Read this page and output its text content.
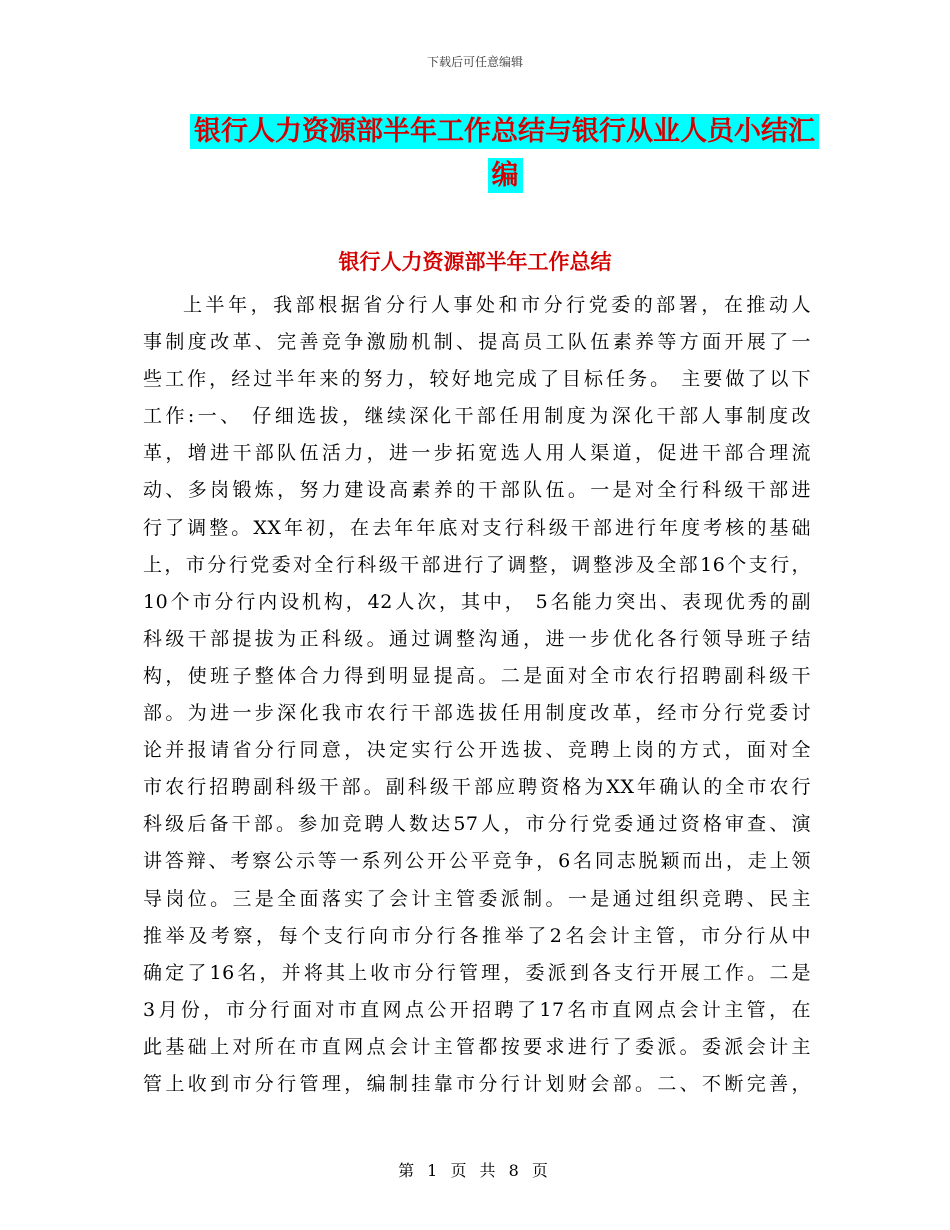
下载后可任意编辑
银行人力资源部半年工作总结与银行从业人员小结汇
编
银行人力资源部半年工作总结
上半年，我部根据省分行人事处和市分行党委的部署，在推动人
事制度改革、完善竞争激励机制、提高员工队伍素养等方面开展了一
些工作，经过半年来的努力，较好地完成了目标任务。 主要做了以下
工作:一、 仔细选拔，继续深化干部任用制度为深化干部人事制度改
革，增进干部队伍活力，进一步拓宽选人用人渠道，促进干部合理流
动、多岗锻炼，努力建设高素养的干部队伍。一是对全行科级干部进
行了调整。XX年初，在去年年底对支行科级干部进行年度考核的基础
上，市分行党委对全行科级干部进行了调整，调整涉及全部16个支行，
10个市分行内设机构，42人次，其中， 5名能力突出、表现优秀的副
科级干部提拔为正科级。通过调整沟通，进一步优化各行领导班子结
构，使班子整体合力得到明显提高。二是面对全市农行招聘副科级干
部。为进一步深化我市农行干部选拔任用制度改革，经市分行党委讨
论并报请省分行同意，决定实行公开选拔、竞聘上岗的方式，面对全
市农行招聘副科级干部。副科级干部应聘资格为XX年确认的全市农行
科级后备干部。参加竞聘人数达57人，市分行党委通过资格审查、演
讲答辩、考察公示等一系列公开公平竞争，6名同志脱颖而出，走上领
导岗位。三是全面落实了会计主管委派制。一是通过组织竞聘、民主
推举及考察，每个支行向市分行各推举了2名会计主管，市分行从中
确定了16名，并将其上收市分行管理，委派到各支行开展工作。二是
3月份，市分行面对市直网点公开招聘了17名市直网点会计主管，在
此基础上对所在市直网点会计主管都按要求进行了委派。委派会计主
管上收到市分行管理，编制挂靠市分行计划财会部。二、不断完善，
第 1 页 共 8 页
